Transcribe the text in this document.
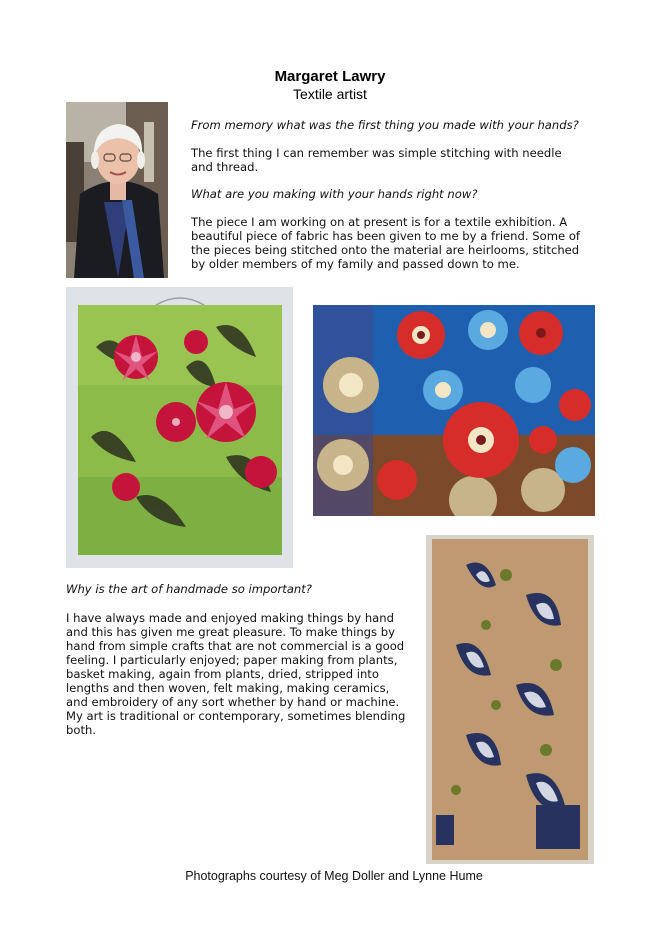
Margaret Lawry
Textile artist

From memory what was the first thing you made with your hands?

The first thing I can remember was simple stitching with needle

and thread.

What are you making with your hands right now?

The piece I am working on at present is for a textile exhibition. A

beautiful piece of fabric has been given to me by a friend. Some of

the pieces being stitched onto the material are heirlooms, stitched

by older members of my family and passed down to me.

Why is the art of handmade so important?

I have always made and enjoyed making things by hand

and this has given me great pleasure. To make things by

hand from simple crafts that are not commercial is a good

feeling. I particularly enjoyed; paper making from plants,

basket making, again from plants, dried, stripped into

lengths and then woven, felt making, making ceramics,

and embroidery of any sort whether by hand or machine.

My art is traditional or contemporary, sometimes blending

both.

Photographs courtesy of Meg Doller and Lynne Hume
